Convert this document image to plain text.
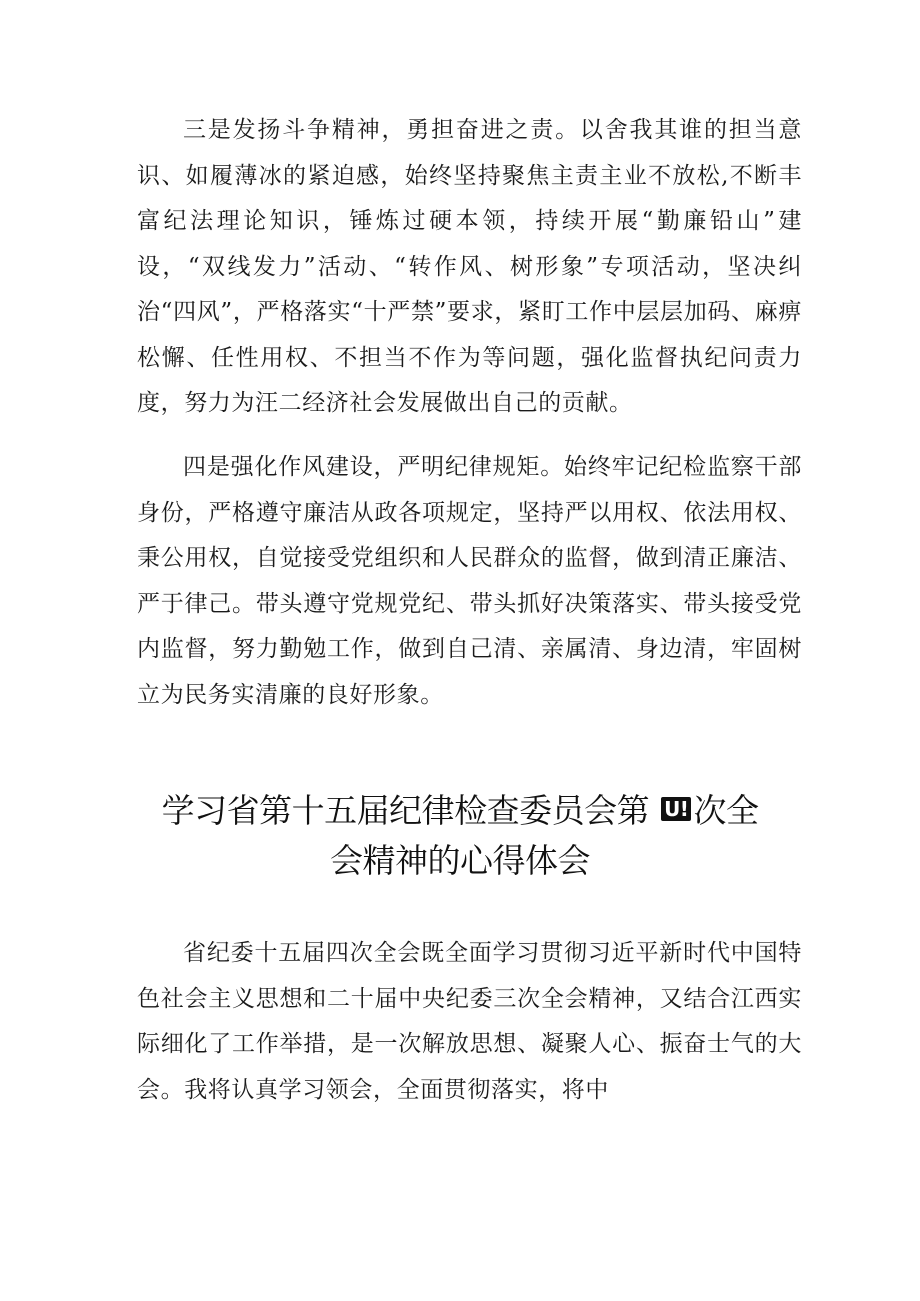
三是发扬斗争精神，勇担奋进之责。以舍我其谁的担当意识、如履薄冰的紧迫感，始终坚持聚焦主责主业不放松,不断丰富纪法理论知识，锤炼过硬本领，持续开展“勤廉铅山”建设，“双线发力”活动、“转作风、树形象”专项活动，坚决纠治“四风”，严格落实“十严禁”要求，紧盯工作中层层加码、麻痹松懈、任性用权、不担当不作为等问题，强化监督执纪问责力度，努力为汪二经济社会发展做出自己的贡献。

四是强化作风建设，严明纪律规矩。始终牢记纪检监察干部身份，严格遵守廉洁从政各项规定，坚持严以用权、依法用权、秉公用权，自觉接受党组织和人民群众的监督，做到清正廉洁、严于律己。带头遵守党规党纪、带头抓好决策落实、带头接受党内监督，努力勤勉工作，做到自己清、亲属清、身边清，牢固树立为民务实清廉的良好形象。

学习省第十五届纪律检查委员会第 U! 次全
会精神的心得体会

省纪委十五届四次全会既全面学习贯彻习近平新时代中国特色社会主义思想和二十届中央纪委三次全会精神，又结合江西实际细化了工作举措，是一次解放思想、凝聚人心、振奋士气的大会。我将认真学习领会，全面贯彻落实，将中
